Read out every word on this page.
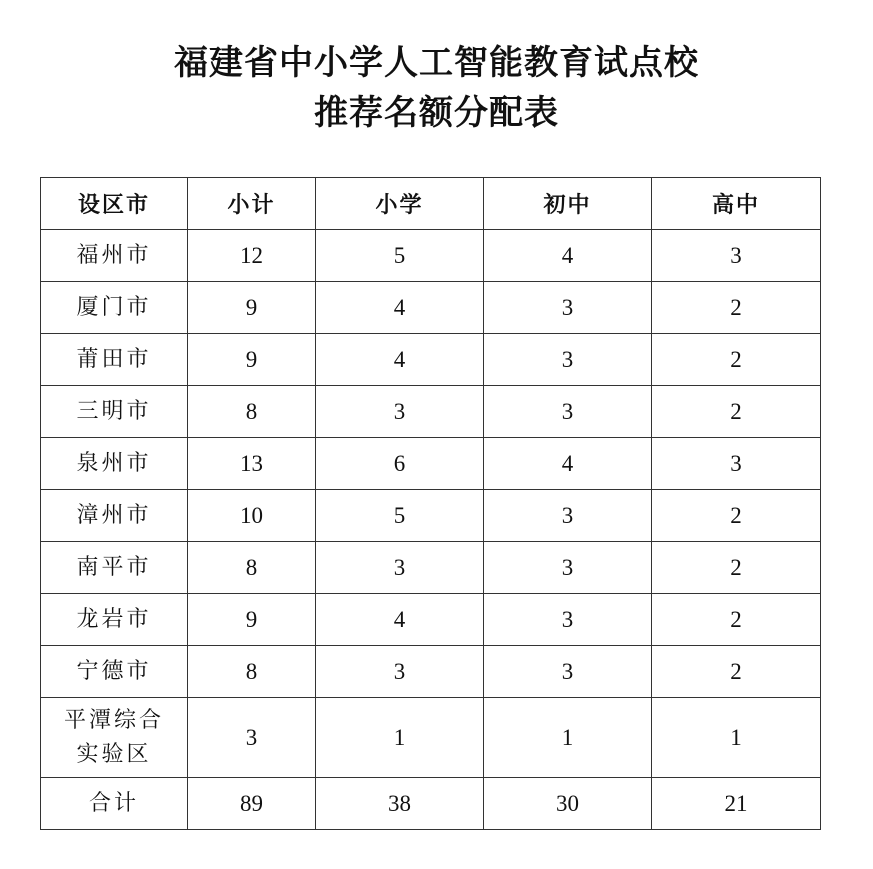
福建省中小学人工智能教育试点校
推荐名额分配表
设区市	小计	小学	初中	高中
福州市	12	5	4	3
厦门市	9	4	3	2
莆田市	9	4	3	2
三明市	8	3	3	2
泉州市	13	6	4	3
漳州市	10	5	3	2
南平市	8	3	3	2
龙岩市	9	4	3	2
宁德市	8	3	3	2

平潭综合
实验区	3	1	1	1
合计	89	38	30	21
